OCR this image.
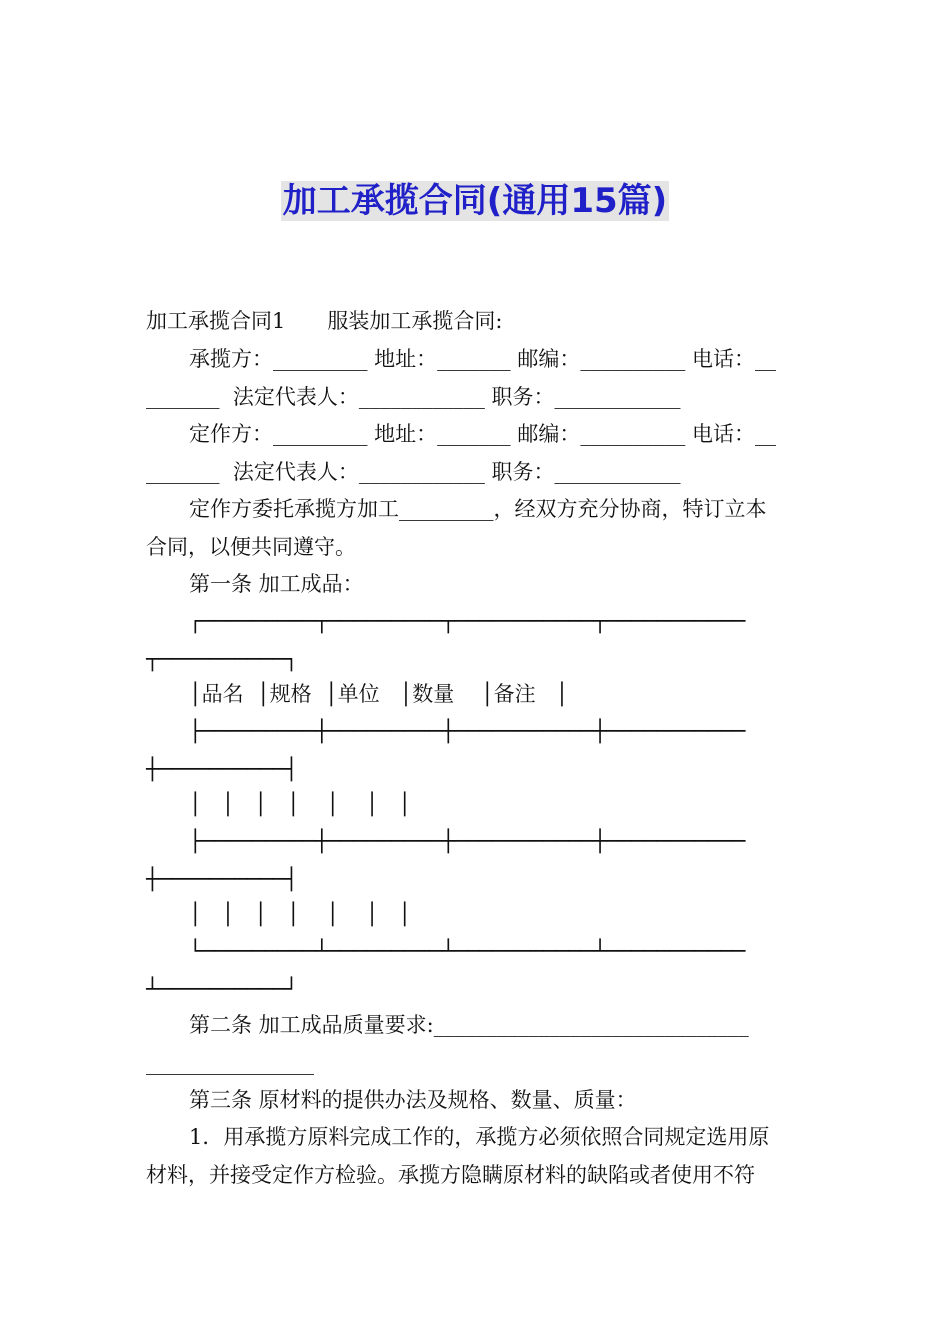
加工承揽合同(通用15篇)
加工承揽合同1　　服装加工承揽合同:
承揽方：_________ 地址：_______ 邮编：__________ 电话：__
_______  法定代表人：____________ 职务：____________
定作方：_________ 地址：_______ 邮编：__________ 电话：__
_______  法定代表人：____________ 职务：____________
定作方委托承揽方加工_________，经双方充分协商，特订立本
合同，以便共同遵守。
第一条 加工成品：
┌─────────┬─────────┬───────────┬───────────
┬──────────┐
│品名  │规格  │单位   │数量    │备注   │
├─────────┼─────────┼───────────┼───────────
┼──────────┤
│   │   │   │    │    │   │
├─────────┼─────────┼───────────┼───────────
┼──────────┤
│   │   │   │    │    │   │
└─────────┴─────────┴───────────┴───────────
┴──────────┘
第二条 加工成品质量要求:______________________________
________________
第三条 原材料的提供办法及规格、数量、质量：
1．用承揽方原料完成工作的，承揽方必须依照合同规定选用原
材料，并接受定作方检验。承揽方隐瞒原材料的缺陷或者使用不符
